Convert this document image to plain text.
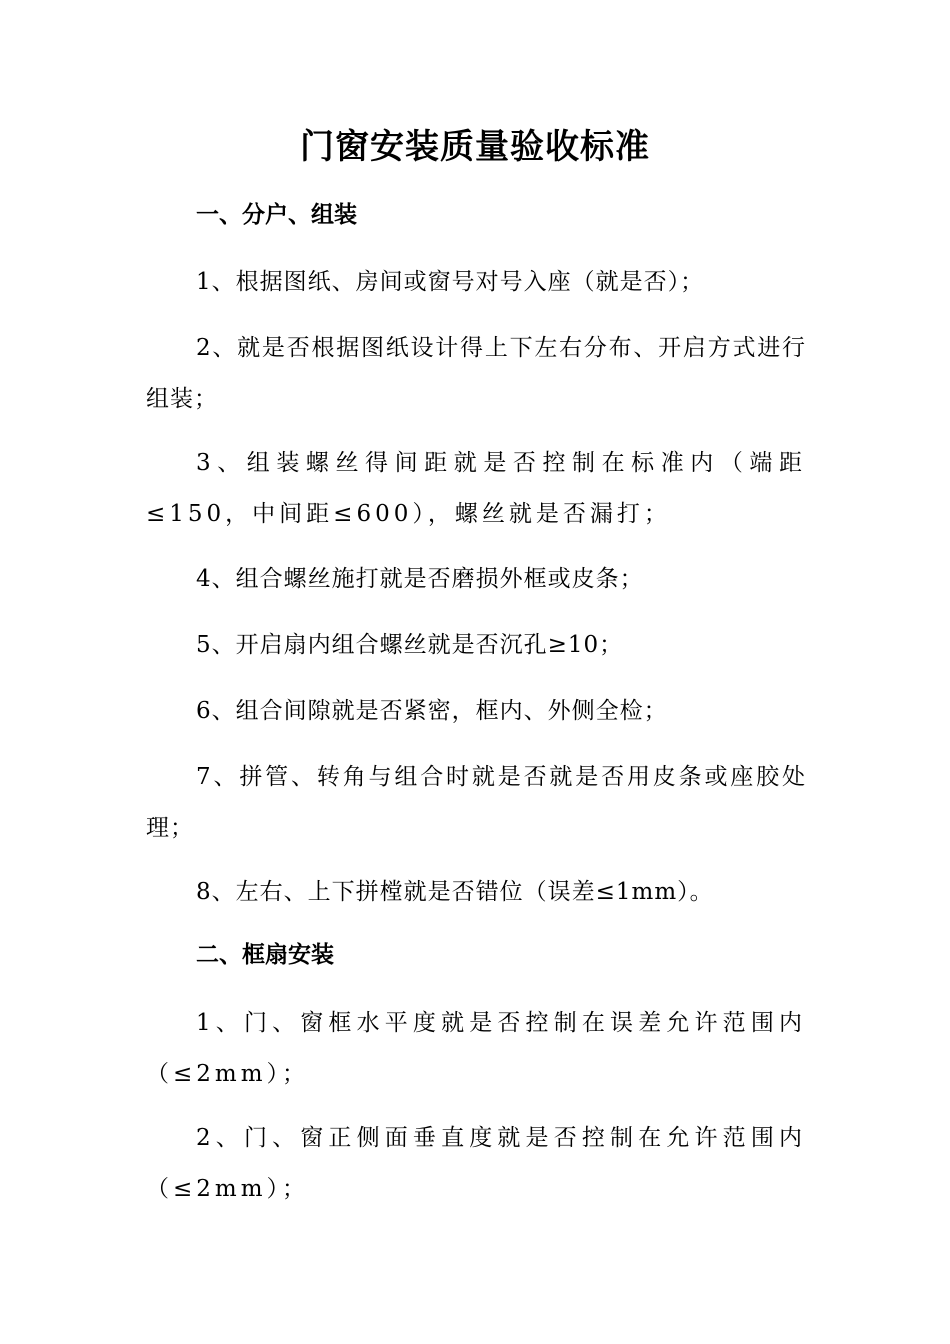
门窗安装质量验收标准
一、分户、组装

1、根据图纸、房间或窗号对号入座（就是否）；

2、就是否根据图纸设计得上下左右分布、开启方式进行组装；

3、组装螺丝得间距就是否控制在标准内（端距≤150，中间距≤600），螺丝就是否漏打；

4、组合螺丝施打就是否磨损外框或皮条；

5、开启扇内组合螺丝就是否沉孔≥10；

6、组合间隙就是否紧密，框内、外侧全检；

7、拼管、转角与组合时就是否就是否用皮条或座胶处理；

8、左右、上下拼樘就是否错位（误差≤1mm）。

二、框扇安装

1、门、窗框水平度就是否控制在误差允许范围内（≤2mm）；

2、门、窗正侧面垂直度就是否控制在允许范围内（≤2mm）；
